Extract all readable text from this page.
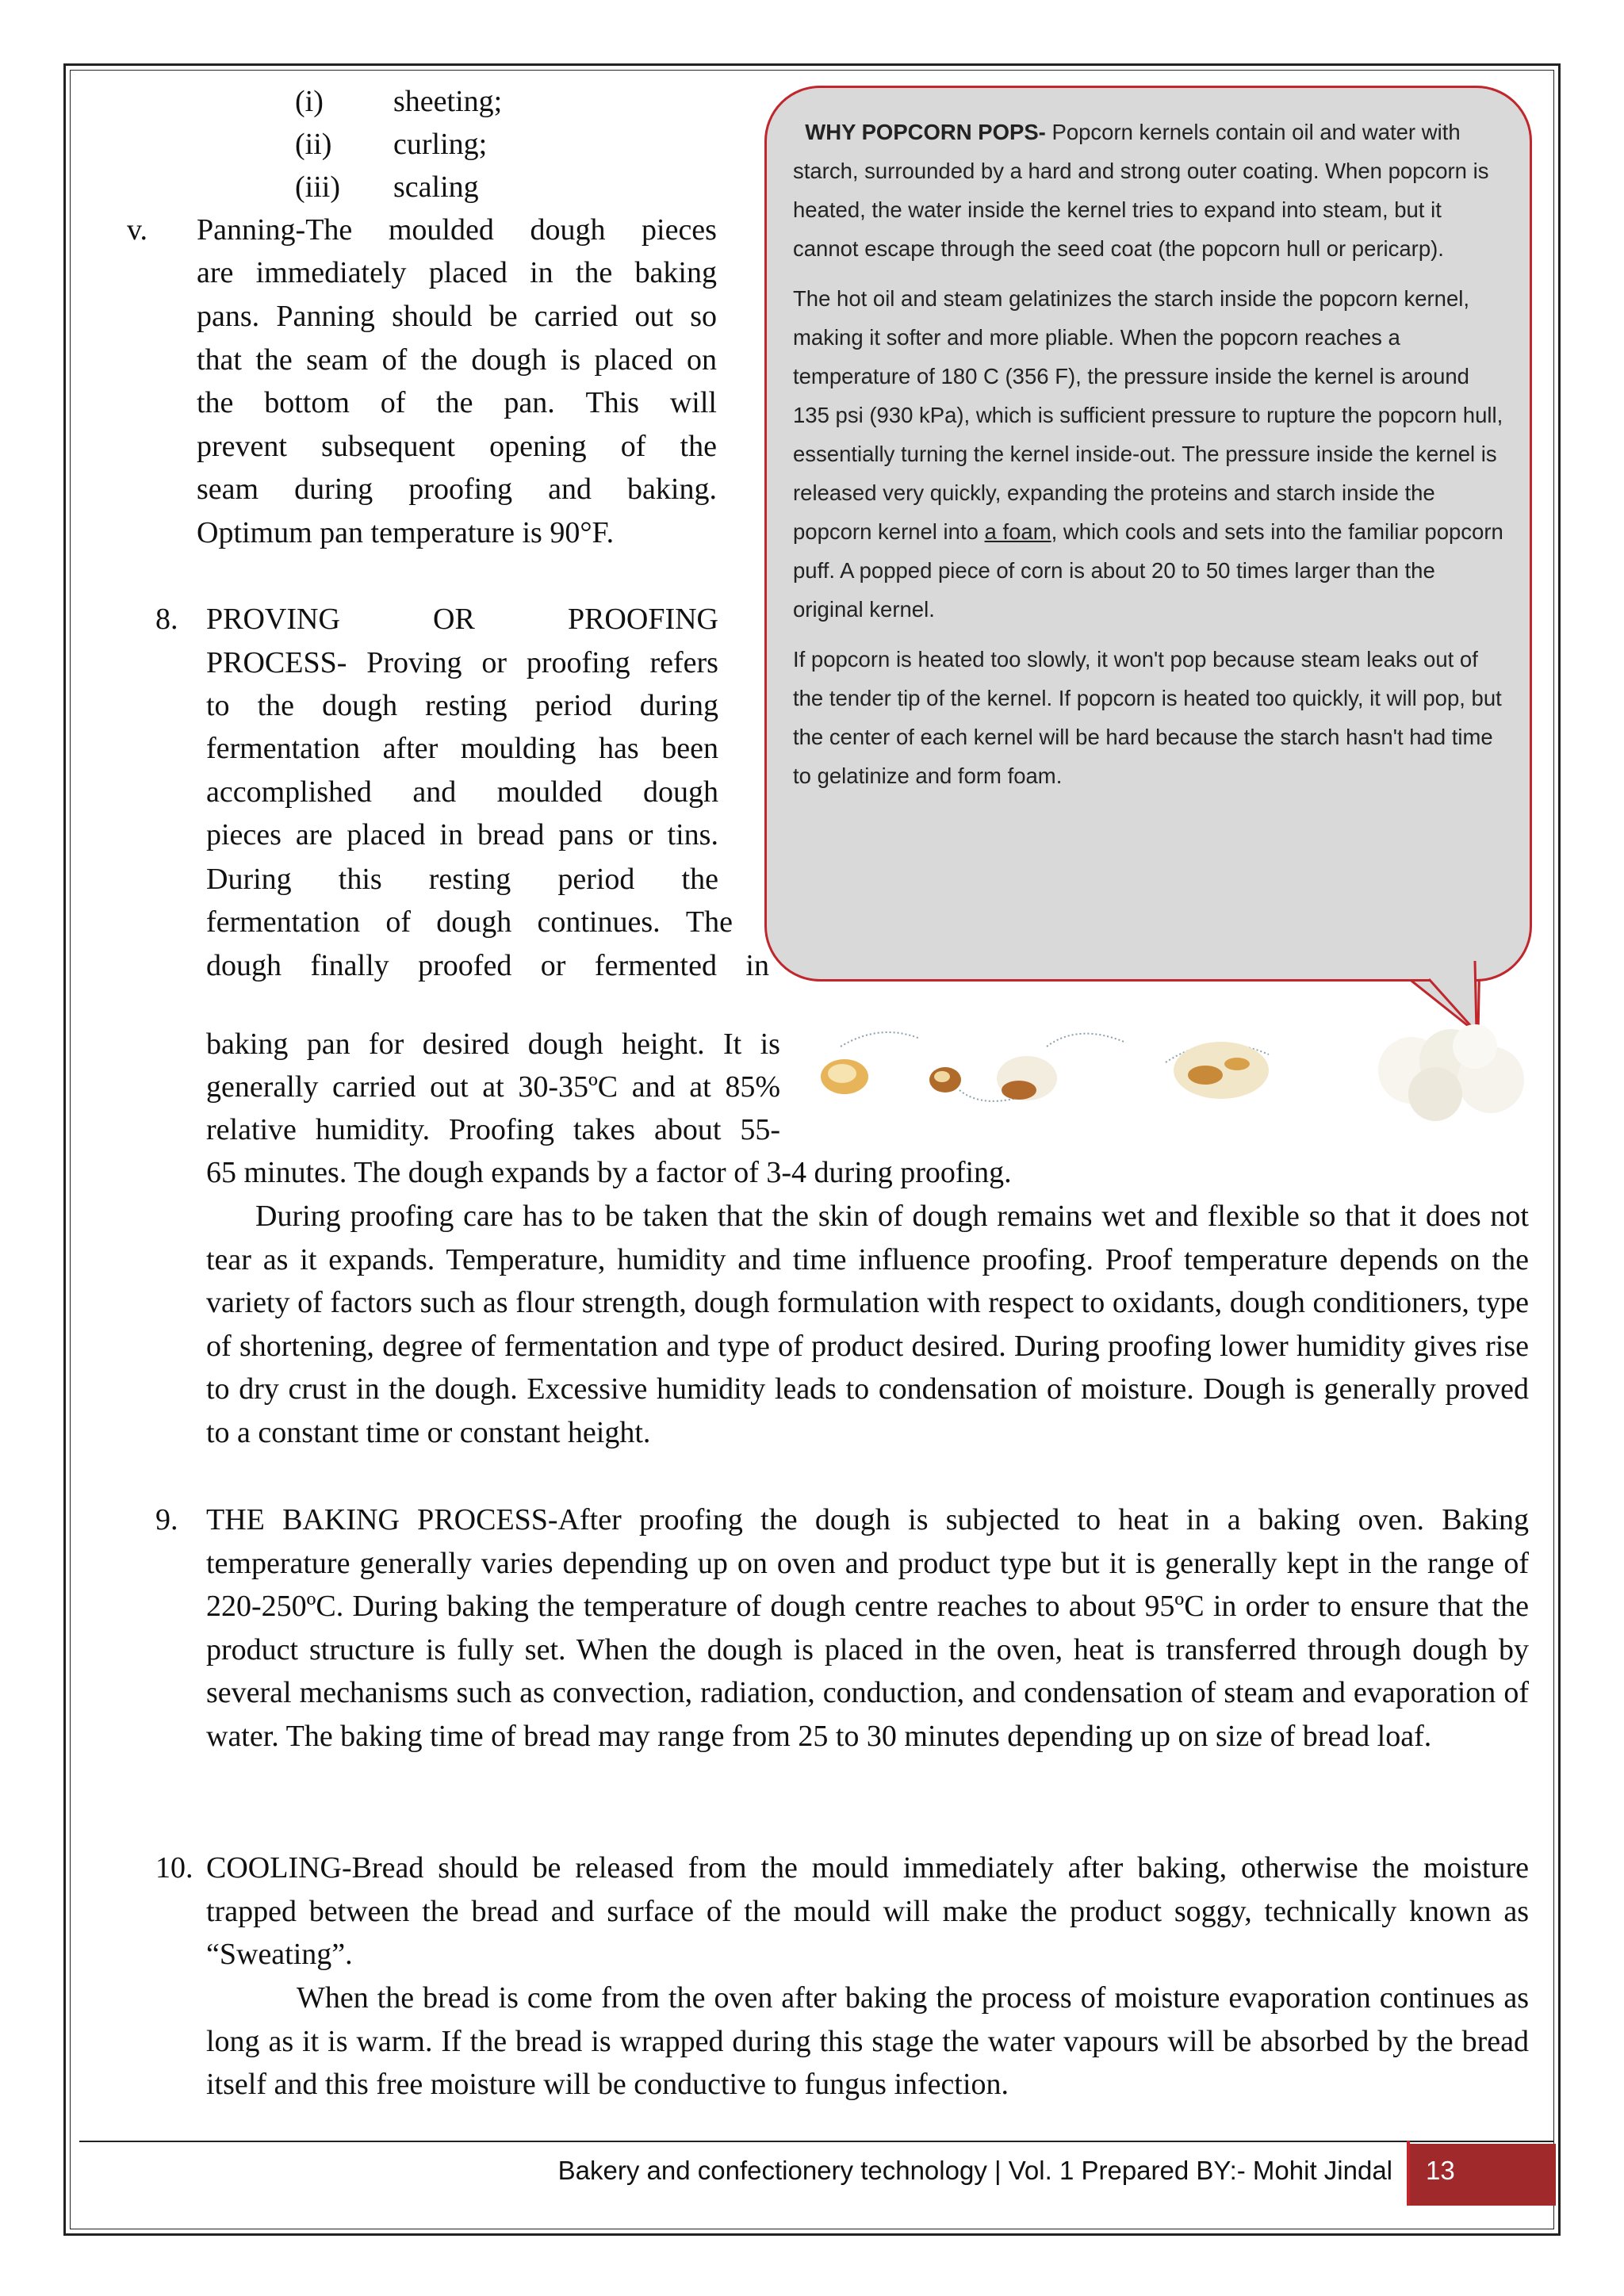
(i) sheeting;
(ii) curling;
(iii) scaling
v. Panning-The moulded dough pieces
are immediately placed in the baking
pans. Panning should be carried out so
that the seam of the dough is placed on
the bottom of the pan. This will
prevent subsequent opening of the
seam during proofing and baking.
Optimum pan temperature is 90°F.
8. PROVING	OR	PROOFING
PROCESS- Proving or proofing refers
to the dough resting period during
fermentation after moulding has been
accomplished and moulded dough
pieces are placed in bread pans or tins.
During this resting period the
fermentation of dough continues. The
dough finally proofed or fermented in
baking pan for desired dough height. It is
generally carried out at 30-35ºC and at 85%
relative humidity. Proofing takes about 55-
65 minutes. The dough expands by a factor of 3-4 during proofing.
During proofing care has to be taken that the skin of dough remains wet and flexible so that it does not tear as it expands. Temperature, humidity and time influence proofing. Proof temperature depends on the variety of factors such as flour strength, dough formulation with respect to oxidants, dough conditioners, type of shortening, degree of fermentation and type of product desired. During proofing lower humidity gives rise to dry crust in the dough. Excessive humidity leads to condensation of moisture. Dough is generally proved to a constant time or constant height.
9. THE BAKING PROCESS-After proofing the dough is subjected to heat in a baking oven. Baking temperature generally varies depending up on oven and product type but it is generally kept in the range of 220-250ºC. During baking the temperature of dough centre reaches to about 95ºC in order to ensure that the product structure is fully set. When the dough is placed in the oven, heat is transferred through dough by several mechanisms such as convection, radiation, conduction, and condensation of steam and evaporation of water. The baking time of bread may range from 25 to 30 minutes depending up on size of bread loaf.
10. COOLING-Bread should be released from the mould immediately after baking, otherwise the moisture trapped between the bread and surface of the mould will make the product soggy, technically known as “Sweating”.
When the bread is come from the oven after baking the process of moisture evaporation continues as long as it is warm. If the bread is wrapped during this stage the water vapours will be absorbed by the bread itself and this free moisture will be conductive to fungus infection.

WHY POPCORN POPS- Popcorn kernels contain oil and water with starch, surrounded by a hard and strong outer coating. When popcorn is heated, the water inside the kernel tries to expand into steam, but it cannot escape through the seed coat (the popcorn hull or pericarp).

The hot oil and steam gelatinizes the starch inside the popcorn kernel, making it softer and more pliable. When the popcorn reaches a temperature of 180 C (356 F), the pressure inside the kernel is around 135 psi (930 kPa), which is sufficient pressure to rupture the popcorn hull, essentially turning the kernel inside-out. The pressure inside the kernel is released very quickly, expanding the proteins and starch inside the popcorn kernel into a foam, which cools and sets into the familiar popcorn puff. A popped piece of corn is about 20 to 50 times larger than the original kernel.

If popcorn is heated too slowly, it won't pop because steam leaks out of the tender tip of the kernel. If popcorn is heated too quickly, it will pop, but the center of each kernel will be hard because the starch hasn't had time to gelatinize and form foam.

Bakery and confectionery technology | Vol. 1 Prepared BY:- Mohit Jindal 13
